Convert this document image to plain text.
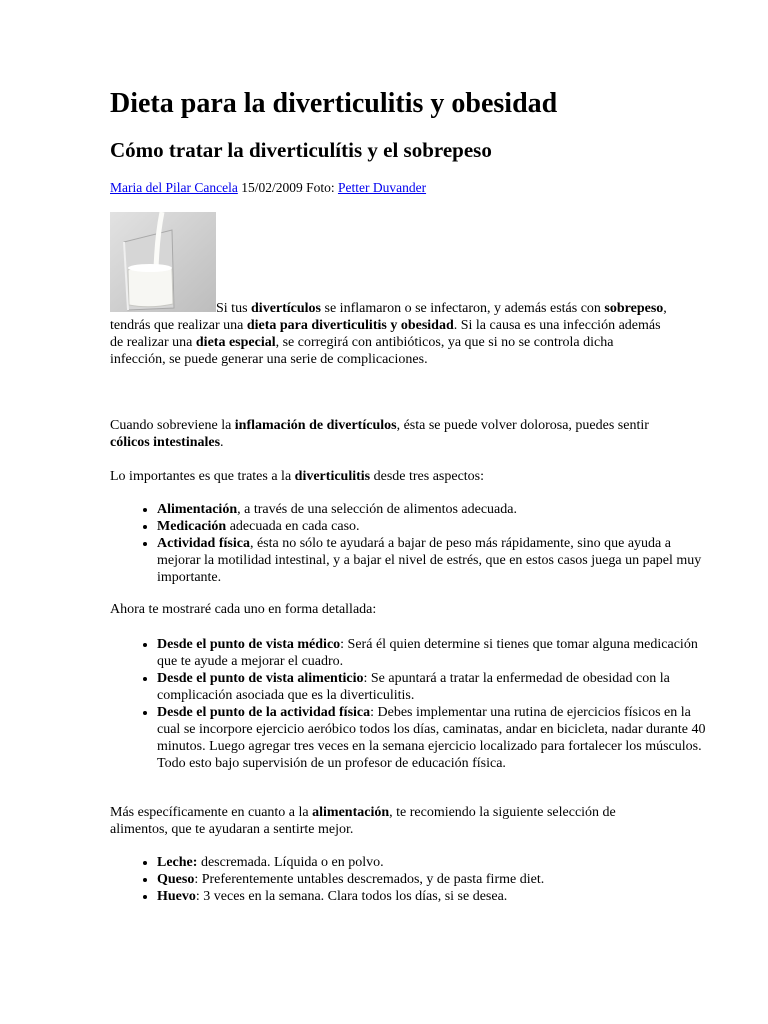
Dieta para la diverticulitis y obesidad
Cómo tratar la diverticulítis y el sobrepeso
Maria del Pilar Cancela 15/02/2009 Foto: Petter Duvander
Si tus divertículos se inflamaron o se infectaron, y además estás con sobrepeso, tendrás que realizar una dieta para diverticulitis y obesidad. Si la causa es una infección además de realizar una dieta especial, se corregirá con antibióticos, ya que si no se controla dicha infección, se puede generar una serie de complicaciones.

Cuando sobreviene la inflamación de divertículos, ésta se puede volver dolorosa, puedes sentir cólicos intestinales.

Lo importantes es que trates a la diverticulitis desde tres aspectos:

• Alimentación, a través de una selección de alimentos adecuada.
• Medicación adecuada en cada caso.
• Actividad física, ésta no sólo te ayudará a bajar de peso más rápidamente, sino que ayuda a mejorar la motilidad intestinal, y a bajar el nivel de estrés, que en estos casos juega un papel muy importante.

Ahora te mostraré cada uno en forma detallada:

• Desde el punto de vista médico: Será él quien determine si tienes que tomar alguna medicación que te ayude a mejorar el cuadro.
• Desde el punto de vista alimenticio: Se apuntará a tratar la enfermedad de obesidad con la complicación asociada que es la diverticulitis.
• Desde el punto de la actividad física: Debes implementar una rutina de ejercicios físicos en la cual se incorpore ejercicio aeróbico todos los días, caminatas, andar en bicicleta, nadar durante 40 minutos. Luego agregar tres veces en la semana ejercicio localizado para fortalecer los músculos. Todo esto bajo supervisión de un profesor de educación física.

Más específicamente en cuanto a la alimentación, te recomiendo la siguiente selección de alimentos, que te ayudaran a sentirte mejor.

• Leche: descremada. Líquida o en polvo.
• Queso: Preferentemente untables descremados, y de pasta firme diet.
• Huevo: 3 veces en la semana. Clara todos los días, si se desea.
